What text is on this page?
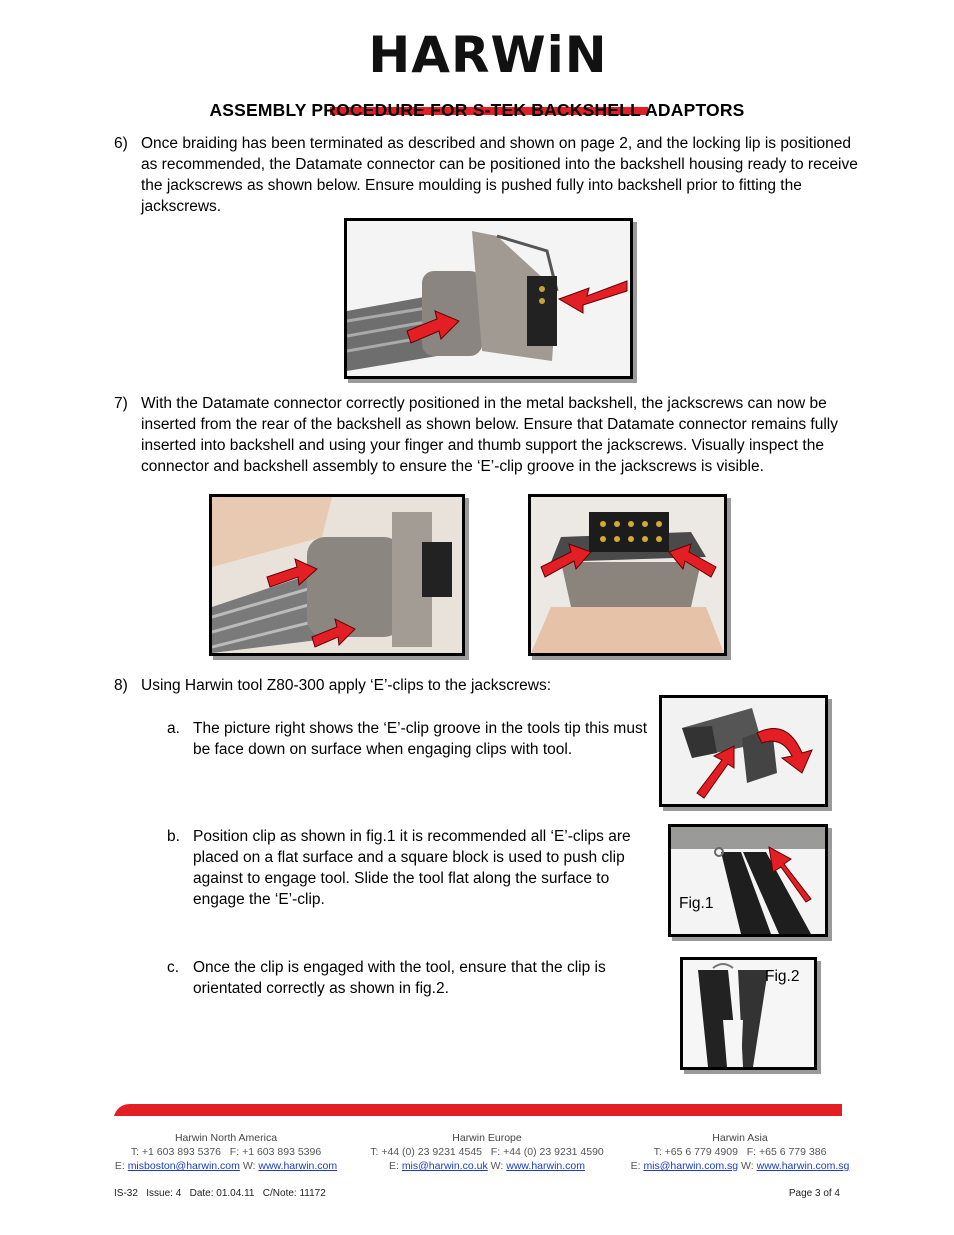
HARWiN
ASSEMBLY PROCEDURE FOR S-TEK BACKSHELL ADAPTORS
6) Once braiding has been terminated as described and shown on page 2, and the locking lip is positioned as recommended, the Datamate connector can be positioned into the backshell housing ready to receive the jackscrews as shown below. Ensure moulding is pushed fully into backshell prior to fitting the jackscrews.
7) With the Datamate connector correctly positioned in the metal backshell, the jackscrews can now be inserted from the rear of the backshell as shown below. Ensure that Datamate connector remains fully inserted into backshell and using your finger and thumb support the jackscrews. Visually inspect the connector and backshell assembly to ensure the ‘E’-clip groove in the jackscrews is visible.
8) Using Harwin tool Z80-300 apply ‘E’-clips to the jackscrews:
a. The picture right shows the ‘E’-clip groove in the tools tip this must be face down on surface when engaging clips with tool.
b. Position clip as shown in fig.1 it is recommended all ‘E’-clips are placed on a flat surface and a square block is used to push clip against to engage tool. Slide the tool flat along the surface to engage the ‘E’-clip.	Fig.1
c. Once the clip is engaged with the tool, ensure that the clip is orientated correctly as shown in fig.2.
Fig.2
Harwin North America
T: +1 603 893 5376 F: +1 603 893 5396
E: misboston@harwin.com W: www.harwin.com
Harwin Europe
T: +44 (0) 23 9231 4545 F: +44 (0) 23 9231 4590
E: mis@harwin.co.uk W: www.harwin.com
Harwin Asia
T: +65 6 779 4909 F: +65 6 779 386
E: mis@harwin.com.sg W: www.harwin.com.sg
IS-32   Issue: 4   Date: 01.04.11   C/Note: 11172	Page 3 of 4
